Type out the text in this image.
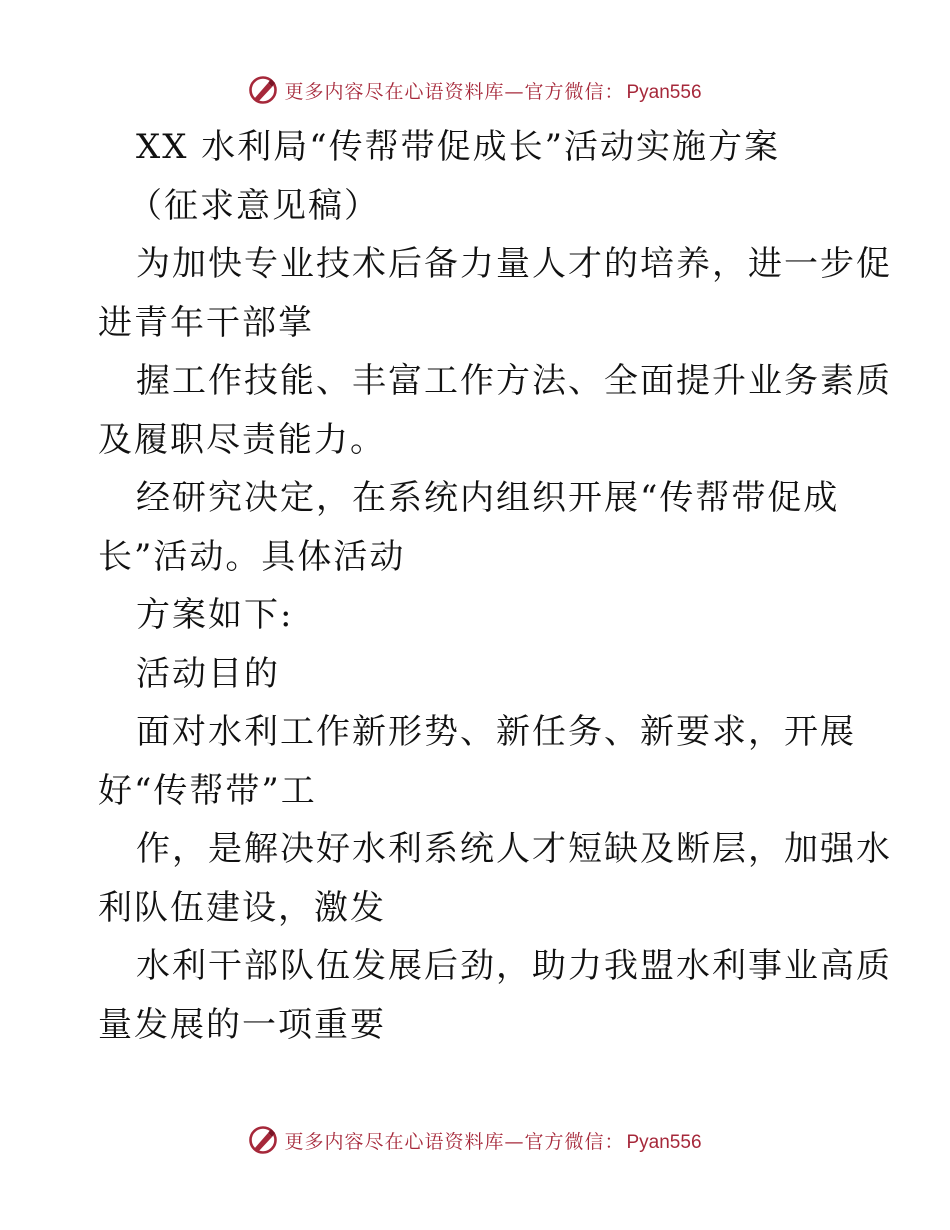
更多内容尽在心语资料库—官方微信： Pyan556
XX 水利局“传帮带促成长”活动实施方案
（征求意见稿）
为加快专业技术后备力量人才的培养，进一步促
进青年干部掌
握工作技能、丰富工作方法、全面提升业务素质
及履职尽责能力。
经研究决定，在系统内组织开展“传帮带促成
长”活动。具体活动
方案如下:
活动目的
面对水利工作新形势、新任务、新要求，开展
好“传帮带”工
作，是解决好水利系统人才短缺及断层，加强水
利队伍建设，激发
水利干部队伍发展后劲，助力我盟水利事业高质
量发展的一项重要
更多内容尽在心语资料库—官方微信： Pyan556
